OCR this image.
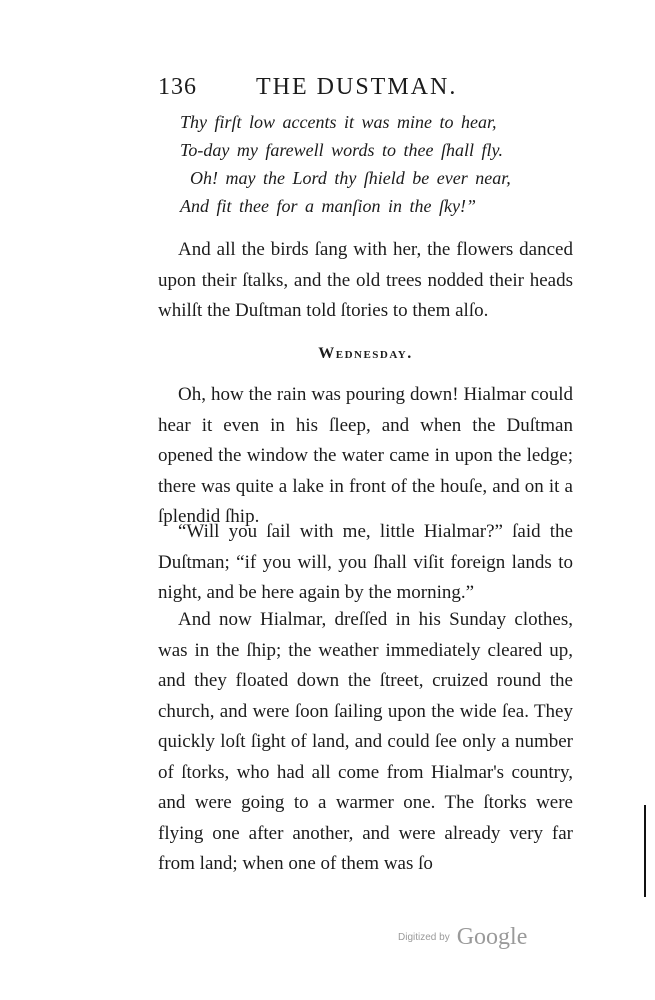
136 THE DUSTMAN.
Thy firſt low accents it was mine to hear,
To-day my farewell words to thee ſhall fly.
Oh! may the Lord thy ſhield be ever near,
And fit thee for a manſion in the ſky!”
And all the birds ſang with her, the flowers danced upon their ſtalks, and the old trees nodded their heads whilſt the Duſtman told ſtories to them alſo.
Wednesday.
Oh, how the rain was pouring down! Hialmar could hear it even in his ſleep, and when the Duſtman opened the window the water came in upon the ledge; there was quite a lake in front of the houſe, and on it a ſplendid ſhip.
“Will you ſail with me, little Hialmar?” ſaid the Duſtman; “if you will, you ſhall viſit foreign lands to night, and be here again by the morning.”
And now Hialmar, dreſſed in his Sunday clothes, was in the ſhip; the weather immediately cleared up, and they floated down the ſtreet, cruized round the church, and were ſoon ſailing upon the wide ſea. They quickly loſt ſight of land, and could ſee only a number of ſtorks, who had all come from Hialmar's country, and were going to a warmer one. The ſtorks were flying one after another, and were already very far from land; when one of them was ſo
$^{Digitized by}$ Google
